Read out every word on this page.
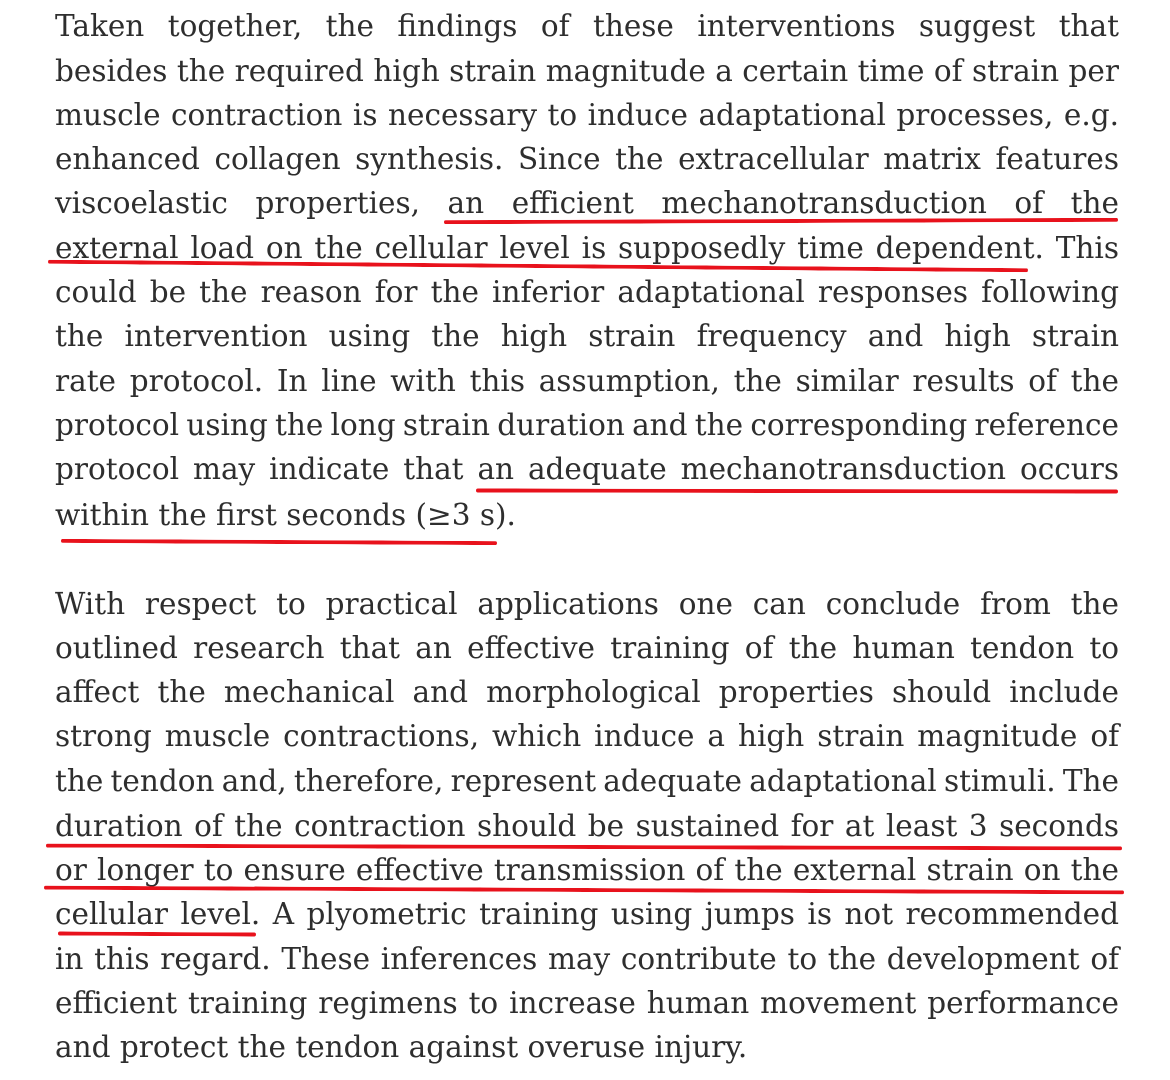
Taken together, the findings of these interventions suggest that
besides the required high strain magnitude a certain time of strain per
muscle contraction is necessary to induce adaptational processes, e.g.
enhanced collagen synthesis. Since the extracellular matrix features
viscoelastic properties, an efficient mechanotransduction of the
external load on the cellular level is supposedly time dependent. This
could be the reason for the inferior adaptational responses following
the intervention using the high strain frequency and high strain
rate protocol. In line with this assumption, the similar results of the
protocol using the long strain duration and the corresponding reference
protocol may indicate that an adequate mechanotransduction occurs
within the first seconds (≥3 s).
With respect to practical applications one can conclude from the
outlined research that an effective training of the human tendon to
affect the mechanical and morphological properties should include
strong muscle contractions, which induce a high strain magnitude of
the tendon and, therefore, represent adequate adaptational stimuli. The
duration of the contraction should be sustained for at least 3 seconds
or longer to ensure effective transmission of the external strain on the
cellular level. A plyometric training using jumps is not recommended
in this regard. These inferences may contribute to the development of
efficient training regimens to increase human movement performance
and protect the tendon against overuse injury.
